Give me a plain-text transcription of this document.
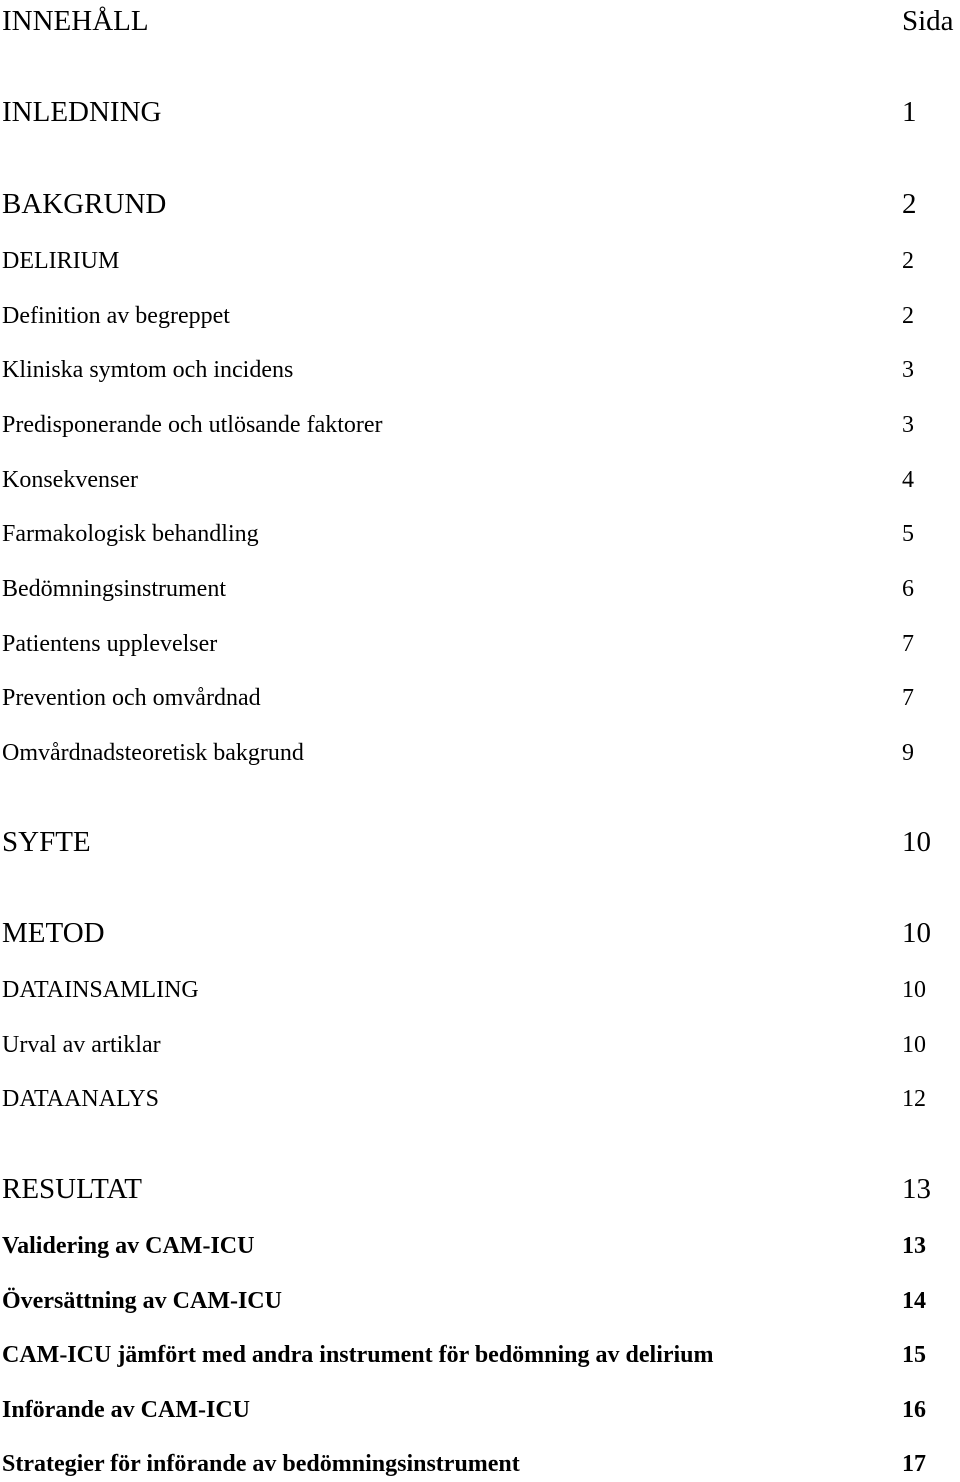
INNEHÅLL	Sida
INLEDNING	1
BAKGRUND	2
DELIRIUM	2
Definition av begreppet	2
Kliniska symtom och incidens	3
Predisponerande och utlösande faktorer	3
Konsekvenser	4
Farmakologisk behandling	5
Bedömningsinstrument	6
Patientens upplevelser	7
Prevention och omvårdnad	7
Omvårdnadsteoretisk bakgrund	9
SYFTE	10
METOD	10
DATAINSAMLING	10
Urval av artiklar	10
DATAANALYS	12
RESULTAT	13
Validering av CAM-ICU	13
Översättning av CAM-ICU	14
CAM-ICU jämfört med andra instrument för bedömning av delirium	15
Införande av CAM-ICU	16
Strategier för införande av bedömningsinstrument	17
